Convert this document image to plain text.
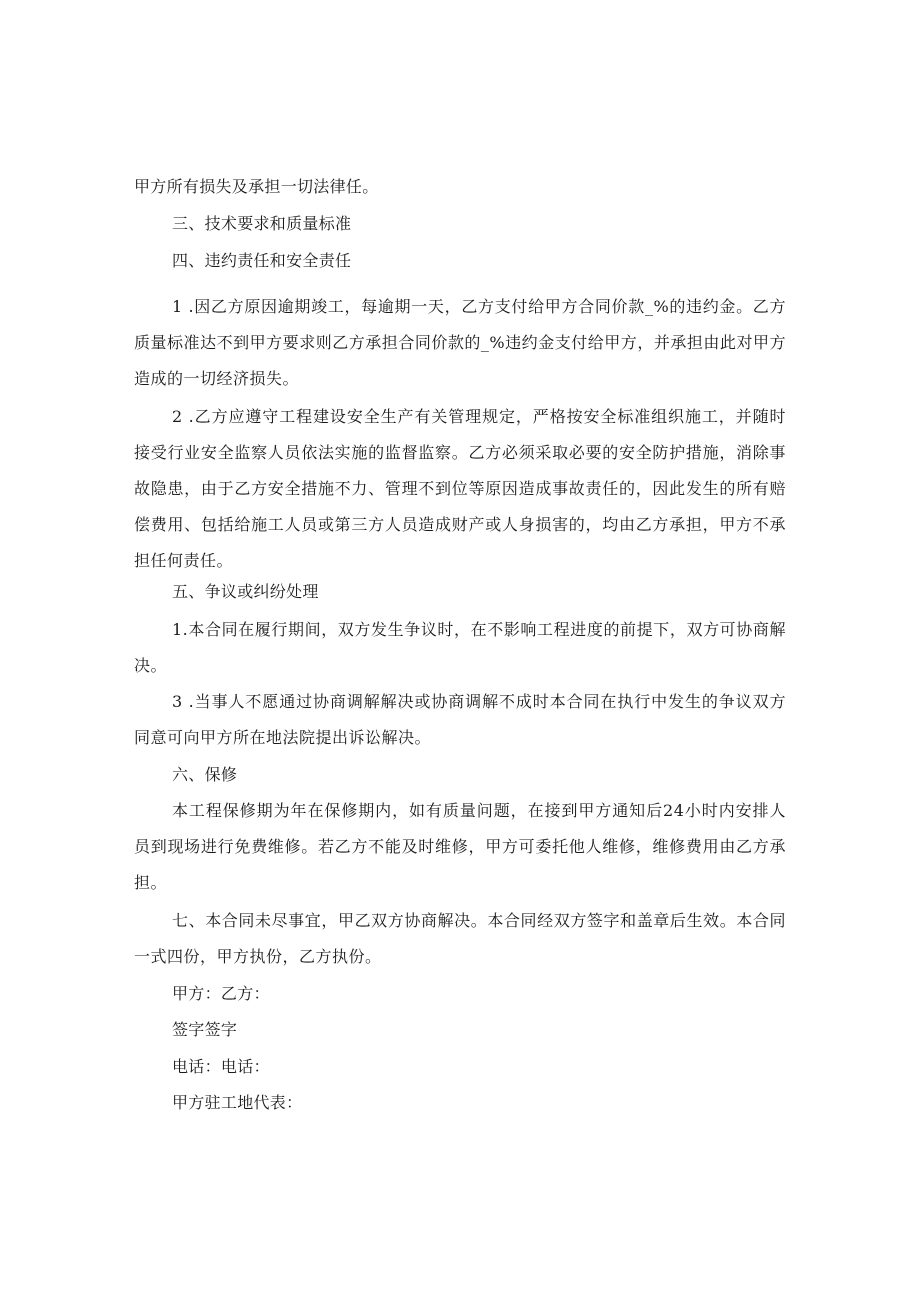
甲方所有损失及承担一切法律任。
三、技术要求和质量标准
四、违约责任和安全责任
1 .因乙方原因逾期竣工，每逾期一天，乙方支付给甲方合同价款_%的违约金。乙方质量标准达不到甲方要求则乙方承担合同价款的_%违约金支付给甲方，并承担由此对甲方造成的一切经济损失。
2 .乙方应遵守工程建设安全生产有关管理规定，严格按安全标准组织施工，并随时接受行业安全监察人员依法实施的监督监察。乙方必须采取必要的安全防护措施，消除事故隐患，由于乙方安全措施不力、管理不到位等原因造成事故责任的，因此发生的所有赔偿费用、包括给施工人员或第三方人员造成财产或人身损害的，均由乙方承担，甲方不承担任何责任。
五、争议或纠纷处理
1.本合同在履行期间，双方发生争议时，在不影响工程进度的前提下，双方可协商解决。
3 .当事人不愿通过协商调解解决或协商调解不成时本合同在执行中发生的争议双方同意可向甲方所在地法院提出诉讼解决。
六、保修
本工程保修期为年在保修期内，如有质量问题，在接到甲方通知后24小时内安排人员到现场进行免费维修。若乙方不能及时维修，甲方可委托他人维修，维修费用由乙方承担。
七、本合同未尽事宜，甲乙双方协商解决。本合同经双方签字和盖章后生效。本合同一式四份，甲方执份，乙方执份。
甲方：乙方：
签字签字
电话：电话：
甲方驻工地代表：
